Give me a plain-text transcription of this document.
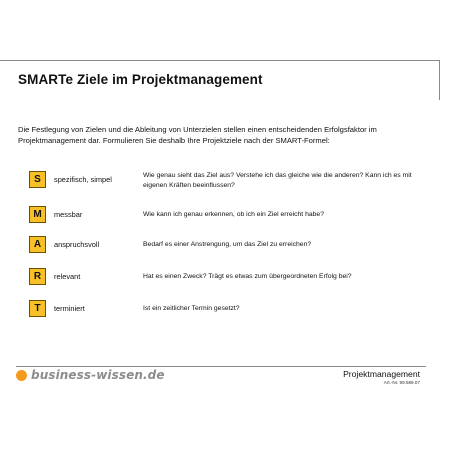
SMARTe Ziele im Projektmanagement
Die Festlegung von Zielen und die Ableitung von Unterzielen stellen einen entscheidenden Erfolgsfaktor im Projektmanagement dar. Formulieren Sie deshalb Ihre Projektziele nach der SMART-Formel:
S	spezifisch, simpel	Wie genau sieht das Ziel aus? Verstehe ich das gleiche wie die anderen? Kann ich es mit eigenen Kräften beeinflussen?
M	messbar	Wie kann ich genau erkennen, ob ich ein Ziel erreicht habe?
A	anspruchsvoll	Bedarf es einer Anstrengung, um das Ziel zu erreichen?
R	relevant	Hat es einen Zweck? Trägt es etwas zum übergeordneten Erfolg bei?
T	terminiert	Ist ein zeitlicher Termin gesetzt?
business-wissen.de	Projektmanagement
Art.-Nr. 99.589.07
